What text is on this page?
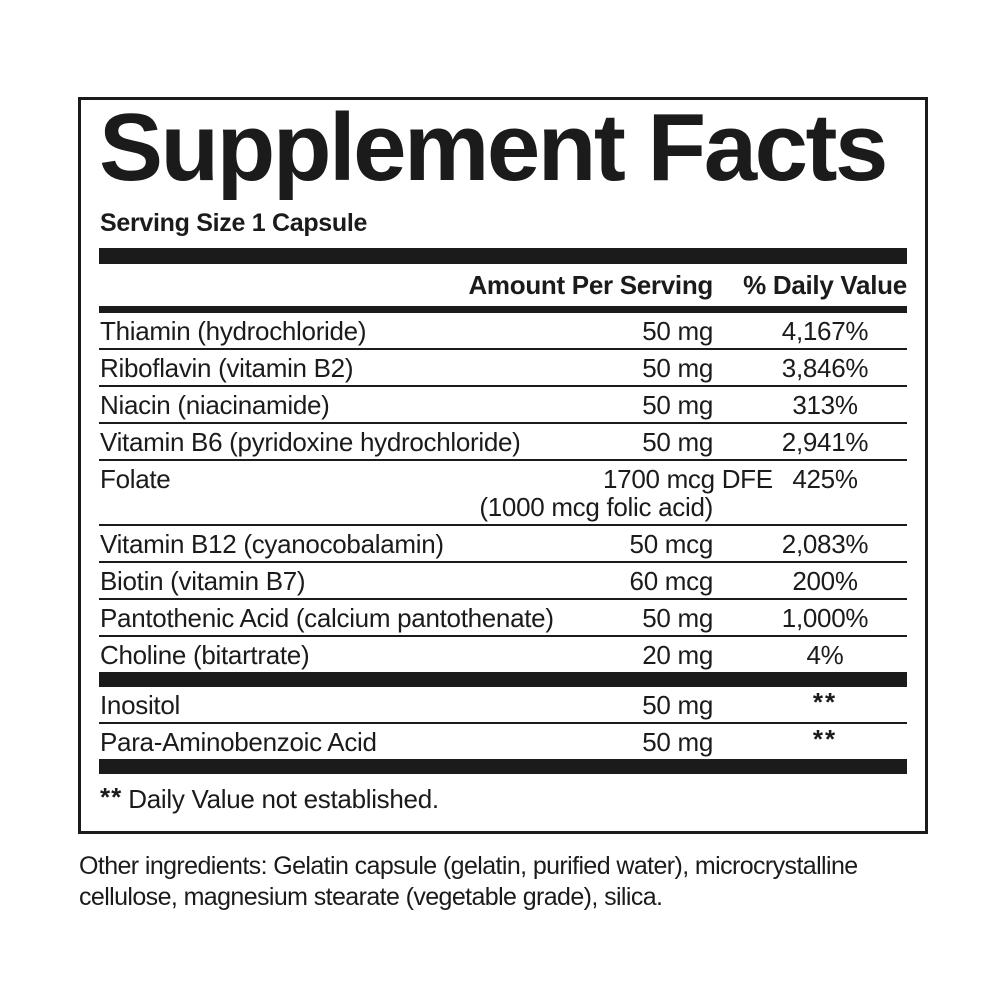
Supplement Facts
Serving Size 1 Capsule
Amount Per Serving	% Daily Value
Thiamin (hydrochloride)	50 mg	4,167%
Riboflavin (vitamin B2)	50 mg	3,846%
Niacin (niacinamide)	50 mg	313%
Vitamin B6 (pyridoxine hydrochloride)	50 mg	2,941%
Folate	1700 mcg DFE 425%
(1000 mcg folic acid)
Vitamin B12 (cyanocobalamin)	50 mcg	2,083%
Biotin (vitamin B7)	60 mcg	200%
Pantothenic Acid (calcium pantothenate)	50 mg	1,000%
Choline (bitartrate)	20 mg	4%
Inositol	50 mg	**
Para-Aminobenzoic Acid	50 mg	**
** Daily Value not established.

Other ingredients: Gelatin capsule (gelatin, purified water), microcrystalline
cellulose, magnesium stearate (vegetable grade), silica.
